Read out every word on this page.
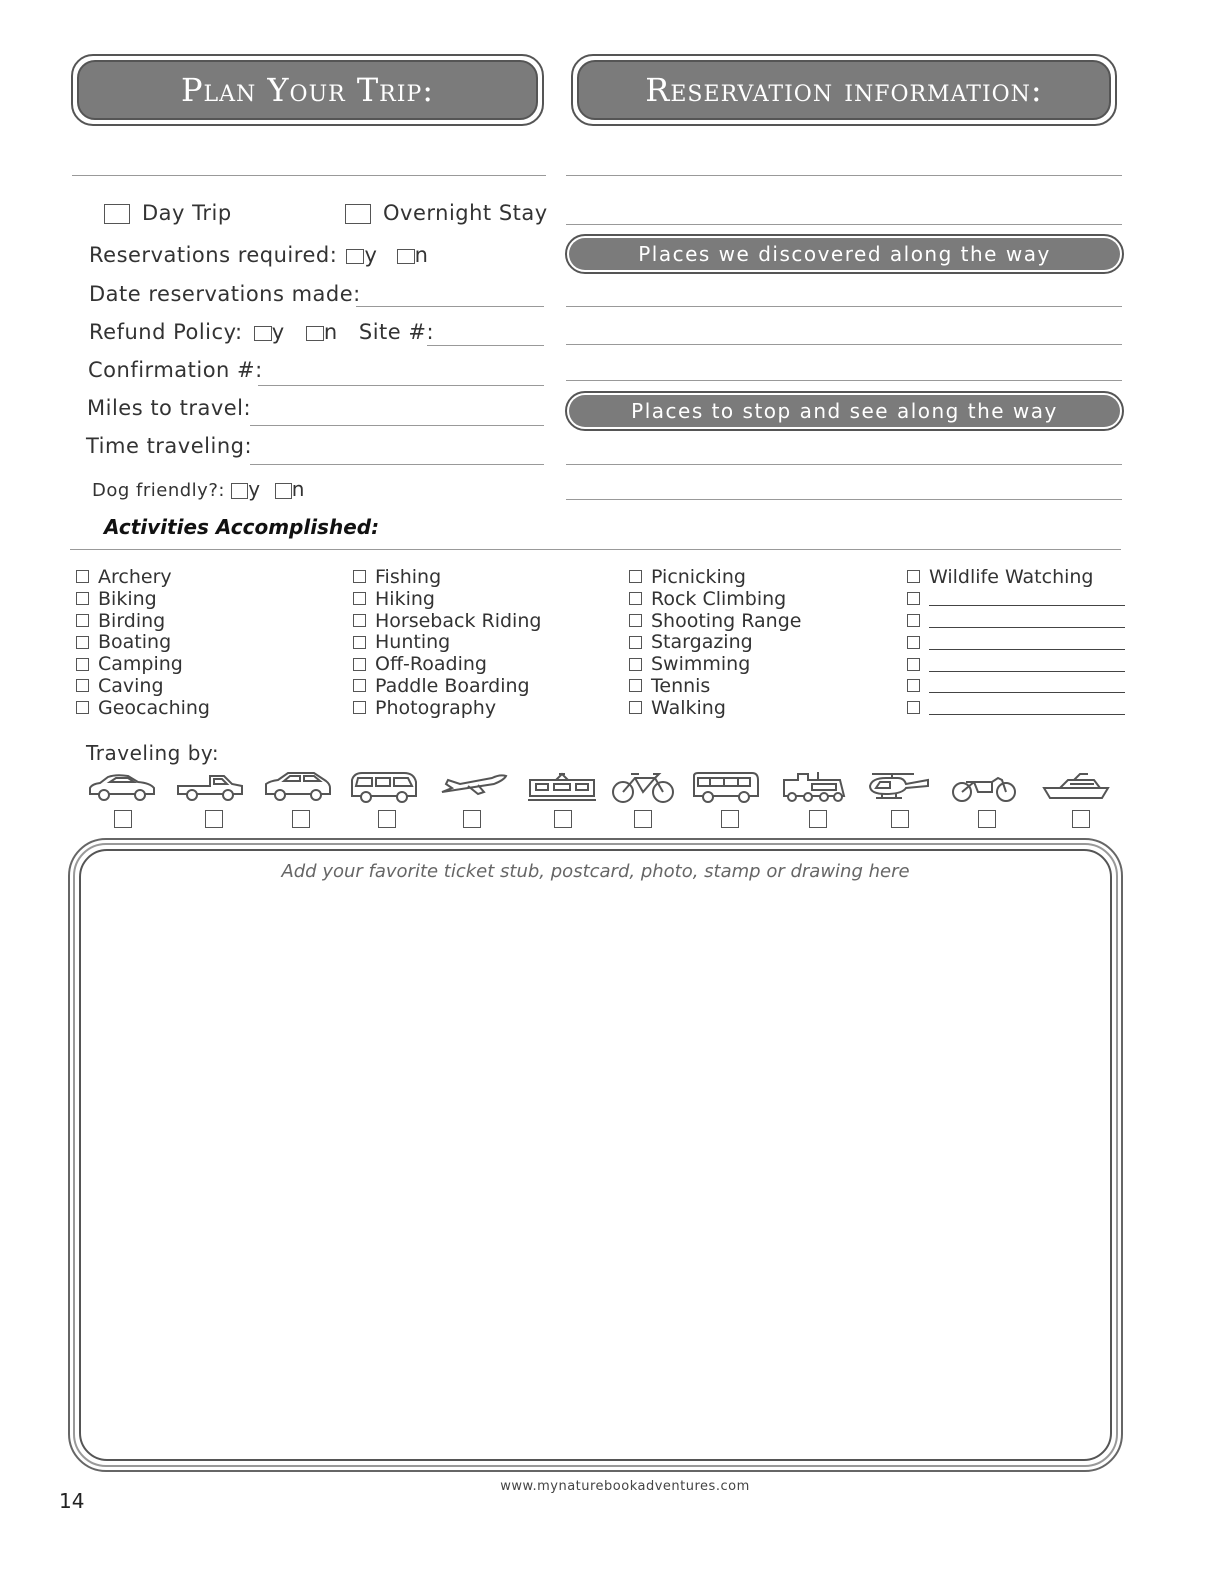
Plan Your Trip:	Reservation information:
Day Trip	Overnight Stay
Reservations required: y n
Date reservations made:
Refund Policy: y n Site #:
Confirmation #:
Miles to travel:
Time traveling:
Dog friendly?: y n
Places we discovered along the way
Places to stop and see along the way
Activities Accomplished:
Archery
Biking
Birding
Boating
Camping
Caving
Geocaching
Fishing
Hiking
Horseback Riding
Hunting
Off-Roading
Paddle Boarding
Photography
Picnicking
Rock Climbing
Shooting Range
Stargazing
Swimming
Tennis
Walking
Wildlife Watching
Traveling by:
Add your favorite ticket stub, postcard, photo, stamp or drawing here
www.mynaturebookadventures.com
14
